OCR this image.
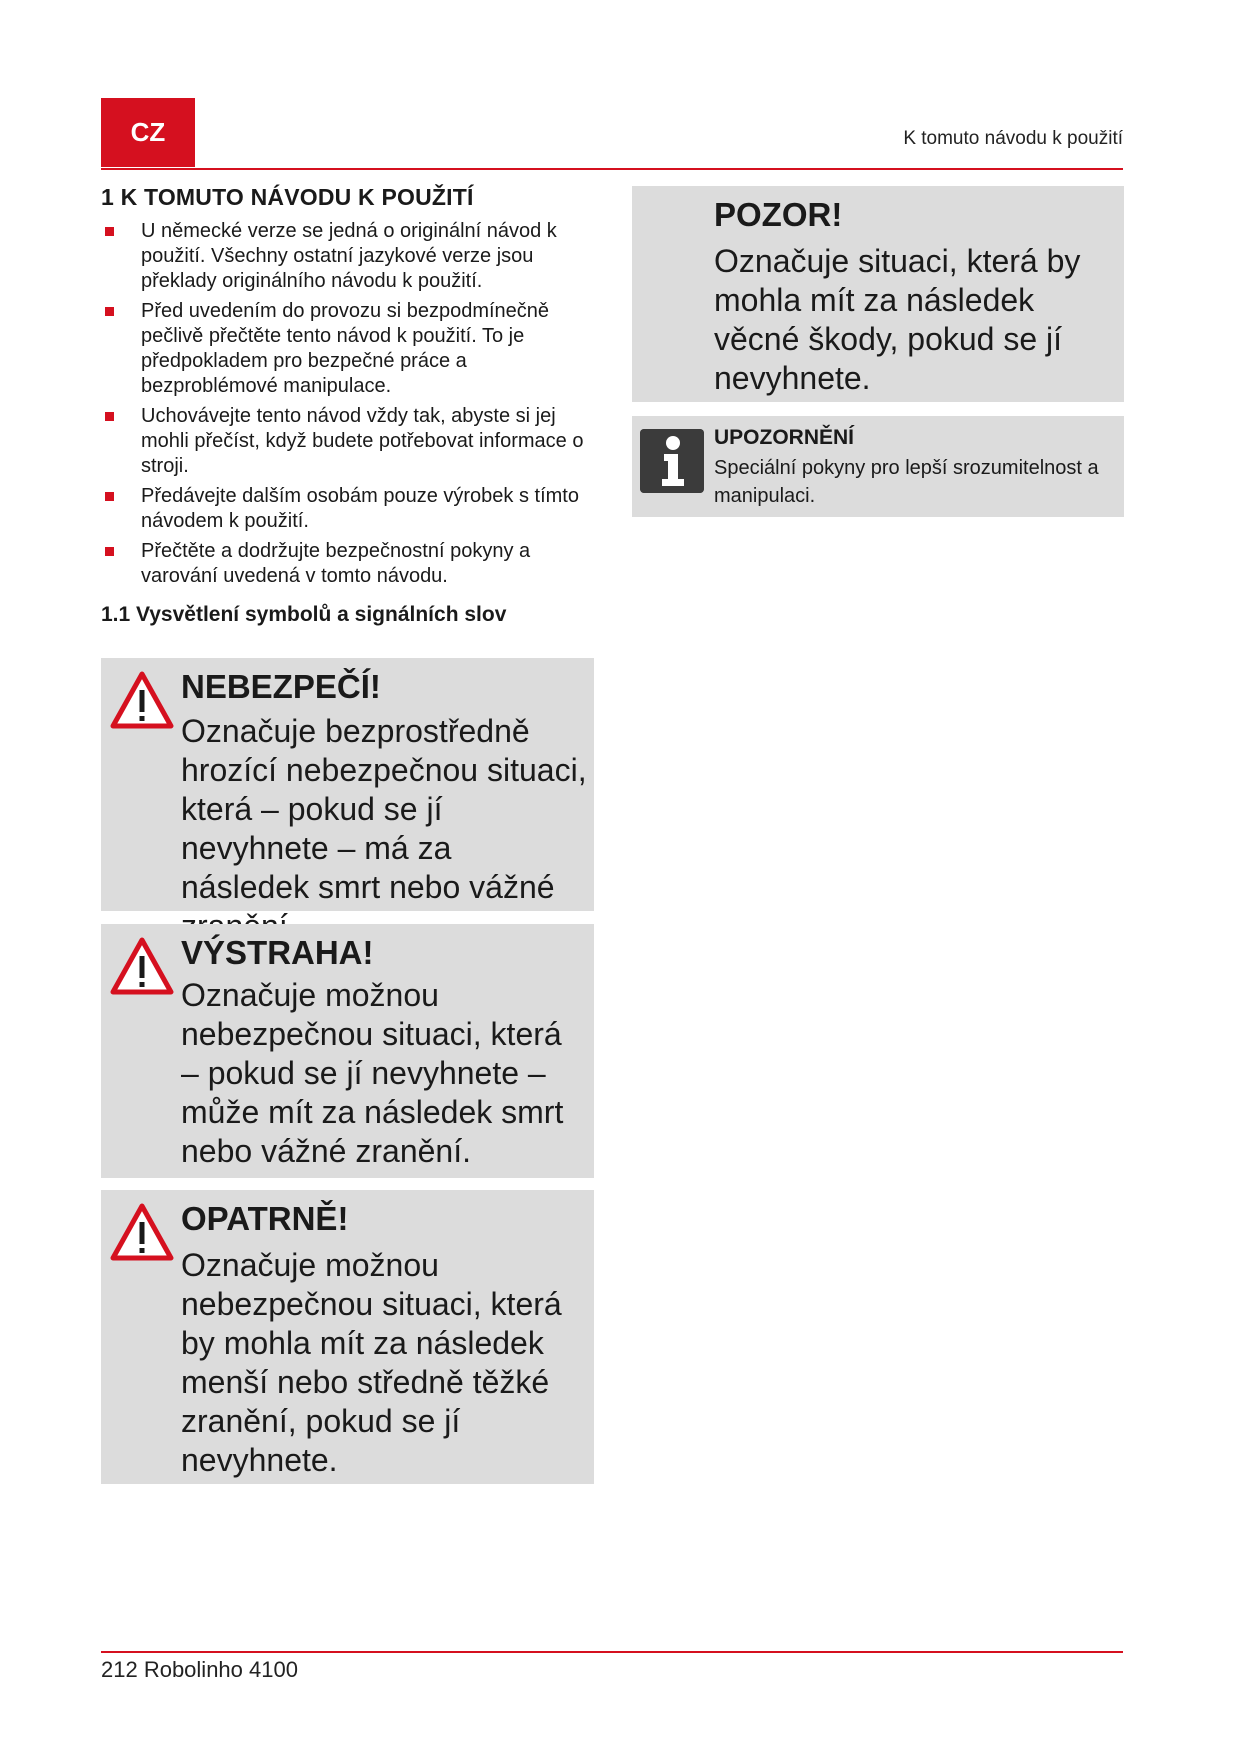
CZ	K tomuto návodu k použití
1 K TOMUTO NÁVODU K POUŽITÍ
U německé verze se jedná o originální návod k použití. Všechny ostatní jazykové verze jsou překlady originálního návodu k použití.
Před uvedením do provozu si bezpodmínečně pečlivě přečtěte tento návod k použití. To je předpokladem pro bezpečné práce a bezproblémové manipulace.
Uchovávejte tento návod vždy tak, abyste si jej mohli přečíst, když budete potřebovat informace o stroji.
Předávejte dalším osobám pouze výrobek s tímto návodem k použití.
Přečtěte a dodržujte bezpečnostní pokyny a varování uvedená v tomto návodu.
1.1 Vysvětlení symbolů a signálních slov
NEBEZPEČÍ!
Označuje bezprostředně hrozící nebezpečnou situaci, která – pokud se jí nevyhnete – má za následek smrt nebo vážné
VÝSTRAHA!
Označuje možnou nebezpečnou situaci, která – pokud se jí nevyhnete – může mít za následek smrt nebo vážné zranění.
OPATRNĚ!
Označuje možnou nebezpečnou situaci, která by mohla mít za následek menší nebo středně těžké zranění, pokud se jí nevyhnete.
POZOR!
Označuje situaci, která by mohla mít za následek věcné škody, pokud se jí nevyhnete.
UPOZORNĚNÍ
Speciální pokyny pro lepší srozumitelnost a manipulaci.
212 Robolinho 4100
